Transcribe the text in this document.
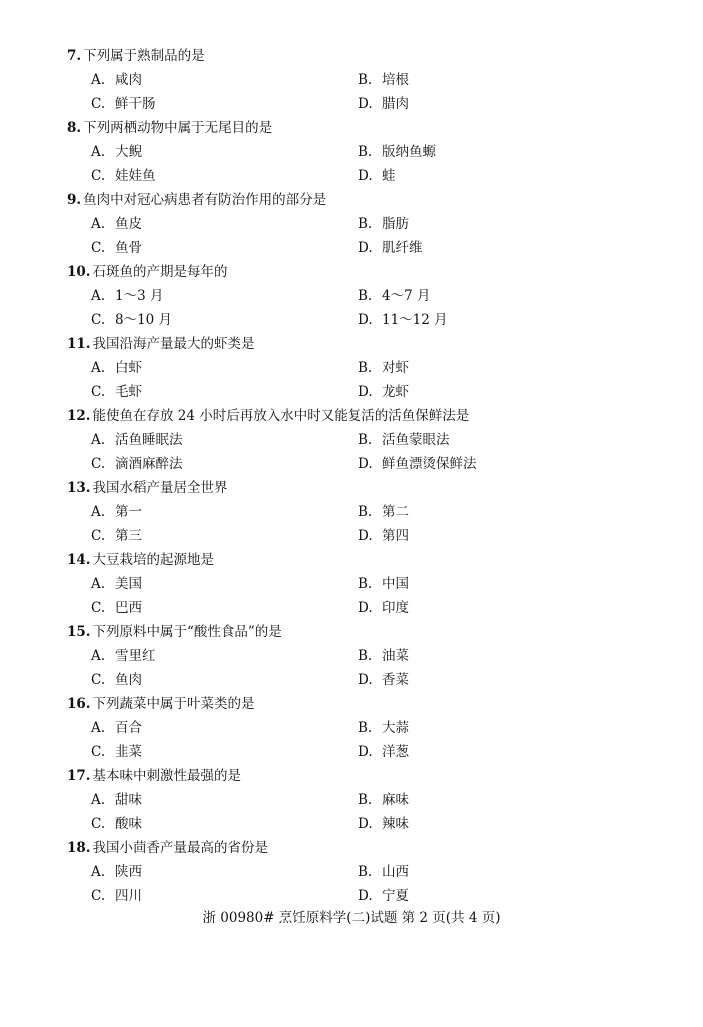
7. 下列属于熟制品的是
A. 咸肉	B. 培根
C. 鲜干肠	D. 腊肉
8. 下列两栖动物中属于无尾目的是
A. 大鲵	B. 版纳鱼螈
C. 娃娃鱼	D. 蛙
9. 鱼肉中对冠心病患者有防治作用的部分是
A. 鱼皮	B. 脂肪
C. 鱼骨	D. 肌纤维
10. 石斑鱼的产期是每年的
A. 1～3 月	B. 4～7 月
C. 8～10 月	D. 11～12 月
11. 我国沿海产量最大的虾类是
A. 白虾	B. 对虾
C. 毛虾	D. 龙虾
12. 能使鱼在存放 24 小时后再放入水中时又能复活的活鱼保鲜法是
A. 活鱼睡眠法	B. 活鱼蒙眼法
C. 滴酒麻醉法	D. 鲜鱼漂烫保鲜法
13. 我国水稻产量居全世界
A. 第一	B. 第二
C. 第三	D. 第四
14. 大豆栽培的起源地是
A. 美国	B. 中国
C. 巴西	D. 印度
15. 下列原料中属于“酸性食品”的是
A. 雪里红	B. 油菜
C. 鱼肉	D. 香菜
16. 下列蔬菜中属于叶菜类的是
A. 百合	B. 大蒜
C. 韭菜	D. 洋葱
17. 基本味中刺激性最强的是
A. 甜味	B. 麻味
C. 酸味	D. 辣味
18. 我国小茴香产量最高的省份是
A. 陕西	B. 山西
C. 四川	D. 宁夏
浙 00980# 烹饪原料学(二)试题 第 2 页(共 4 页)
